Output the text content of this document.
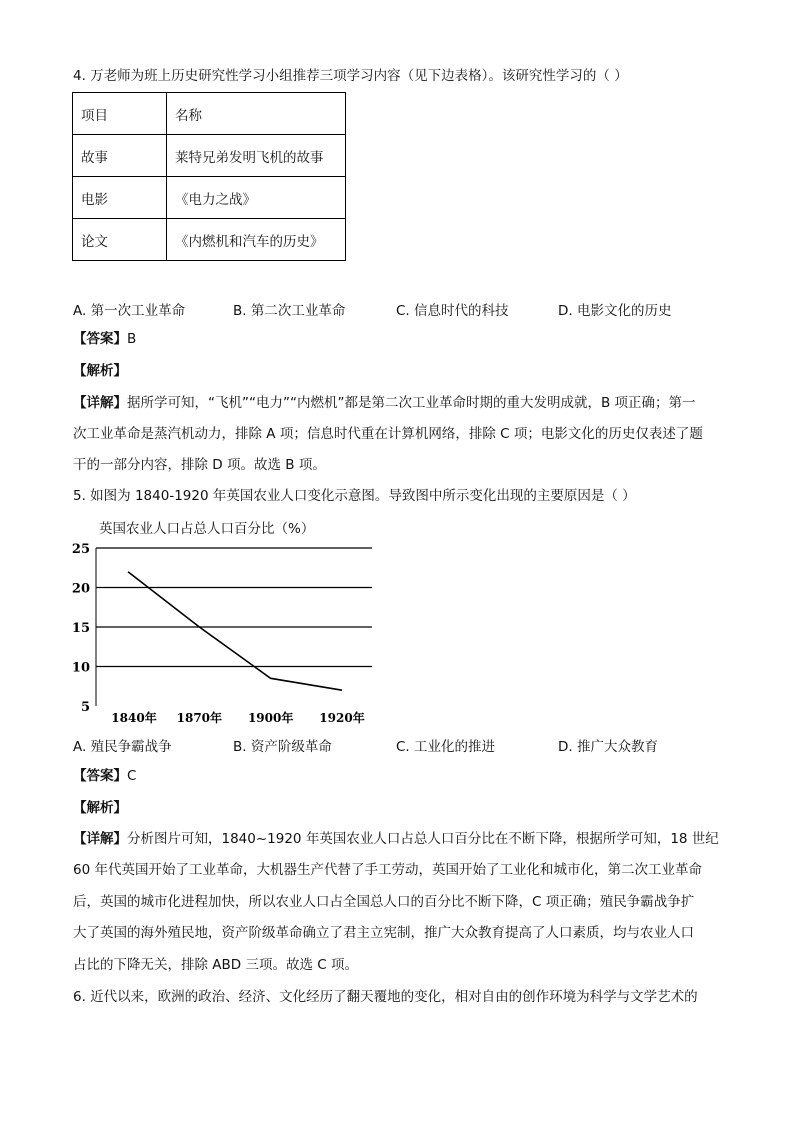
4. 万老师为班上历史研究性学习小组推荐三项学习内容（见下边表格）。该研究性学习的（ ）
项目	名称
故事	莱特兄弟发明飞机的故事
电影	《电力之战》
论文	《内燃机和汽车的历史》
A. 第一次工业革命	B. 第二次工业革命	C. 信息时代的科技	D. 电影文化的历史
【答案】B
【解析】
【详解】据所学可知，“飞机”“电力”“内燃机”都是第二次工业革命时期的重大发明成就，B 项正确；第一
次工业革命是蒸汽机动力，排除 A 项；信息时代重在计算机网络，排除 C 项；电影文化的历史仅表述了题
干的一部分内容，排除 D 项。故选 B 项。
5. 如图为 1840-1920 年英国农业人口变化示意图。导致图中所示变化出现的主要原因是（ ）
英国农业人口占总人口百分比（%）
25
20
15
10
5
1840年 1870年 1900年 1920年
A. 殖民争霸战争	B. 资产阶级革命	C. 工业化的推进	D. 推广大众教育
【答案】C
【解析】
【详解】分析图片可知，1840~1920 年英国农业人口占总人口百分比在不断下降，根据所学可知，18 世纪
60 年代英国开始了工业革命，大机器生产代替了手工劳动，英国开始了工业化和城市化，第二次工业革命
后，英国的城市化进程加快，所以农业人口占全国总人口的百分比不断下降，C 项正确；殖民争霸战争扩
大了英国的海外殖民地，资产阶级革命确立了君主立宪制，推广大众教育提高了人口素质，均与农业人口
占比的下降无关，排除 ABD 三项。故选 C 项。
6. 近代以来，欧洲的政治、经济、文化经历了翻天覆地的变化，相对自由的创作环境为科学与文学艺术的
